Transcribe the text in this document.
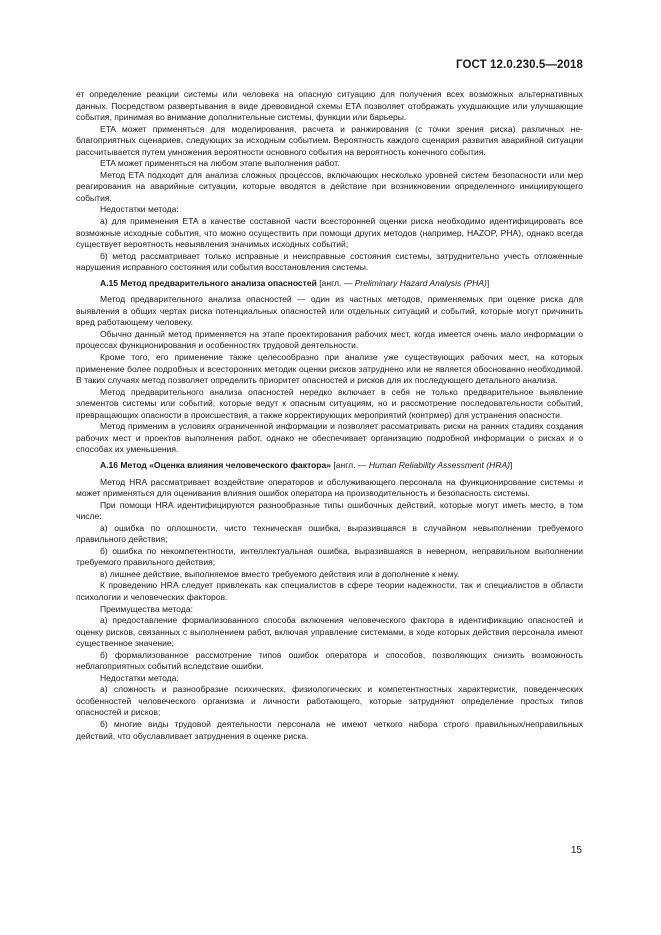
ГОСТ 12.0.230.5—2018

ет определение реакции системы или человека на опасную ситуацию для получения всех возможных альтернативных данных. Посредством развертывания в виде древовидной схемы ETA позволяет отображать ухудшающие или улучшающие события, принимая во внимание дополнительные системы, функции или барьеры.

ETA может применяться для моделирования, расчета и ранжирования (с точки зрения риска) различных неблагоприятных сценариев, следующих за исходным событием. Вероятность каждого сценария развития аварийной ситуации рассчитывается путем умножения вероятности основного события на вероятность конечного события.

ETA может применяться на любом этапе выполнения работ.

Метод ETA подходит для анализа сложных процессов, включающих несколько уровней систем безопасности или мер реагирования на аварийные ситуации, которые вводятся в действие при возникновении определенного инициирующего события.

Недостатки метода:

а) для применения ETA в качестве составной части всесторонней оценки риска необходимо идентифицировать все возможные исходные события, что можно осуществить при помощи других методов (например, HAZOP, PHA), однако всегда существует вероятность невыявления значимых исходных событий;

б) метод рассматривает только исправные и неисправные состояния системы, затруднительно учесть отложенные нарушения исправного состояния или события восстановления системы.

А.15 Метод предварительного анализа опасностей [англ. — Preliminary Hazard Analysis (PHA)]

Метод предварительного анализа опасностей — один из частных методов, применяемых при оценке риска для выявления в общих чертах риска потенциальных опасностей или отдельных ситуаций и событий, которые могут причинить вред работающему человеку.

Обычно данный метод применяется на этапе проектирования рабочих мест, когда имеется очень мало информации о процессах функционирования и особенностях трудовой деятельности.

Кроме того, его применение также целесообразно при анализе уже существующих рабочих мест, на которых применение более подробных и всесторонних методик оценки рисков затруднено или не является обоснованно необходимой. В таких случаях метод позволяет определить приоритет опасностей и рисков для их последующего детального анализа.

Метод предварительного анализа опасностей нередко включает в себя не только предварительное выявление элементов системы или событий, которые ведут к опасным ситуациям, но и рассмотрение последовательности событий, превращающих опасности в происшествия, а также корректирующих мероприятий (контрмер) для устранения опасности.

Метод применим в условиях ограниченной информации и позволяет рассматривать риски на ранних стадиях создания рабочих мест и проектов выполнения работ, однако не обеспечивает организацию подробной информации о рисках и о способах их уменьшения.

А.16 Метод «Оценка влияния человеческого фактора» [англ. — Human Reliability Assessment (HRA)]

Метод HRA рассматривает воздействие операторов и обслуживающего персонала на функционирование системы и может применяться для оценивания влияния ошибок оператора на производительность и безопасность системы.

При помощи HRA идентифицируются разнообразные типы ошибочных действий, которые могут иметь место, в том числе:

а) ошибка по оплошности, чисто техническая ошибка, выразившаяся в случайном невыполнении требуемого правильного действия;

б) ошибка по некомпетентности, интеллектуальная ошибка, выразившаяся в неверном, неправильном выполнении требуемого правильного действия;

в) лишнее действие, выполняемое вместо требуемого действия или в дополнение к нему.

К проведению HRA следует привлекать как специалистов в сфере теории надежности, так и специалистов в области психологии и человеческих факторов.

Преимущества метода:

а) предоставление формализованного способа включения человеческого фактора в идентификацию опасностей и оценку рисков, связанных с выполнением работ, включая управление системами, в ходе которых действия персонала имеют существенное значение;

б) формализованное рассмотрение типов ошибок оператора и способов, позволяющих снизить возможность неблагоприятных событий вследствие ошибки.

Недостатки метода:

а) сложность и разнообразие психических, физиологических и компетентностных характеристик, поведенческих особенностей человеческого организма и личности работающего, которые затрудняют определение простых типов опасностей и рисков;

б) многие виды трудовой деятельности персонала не имеют четкого набора строго правильных/неправильных действий, что обуславливает затруднения в оценке риска.

15
